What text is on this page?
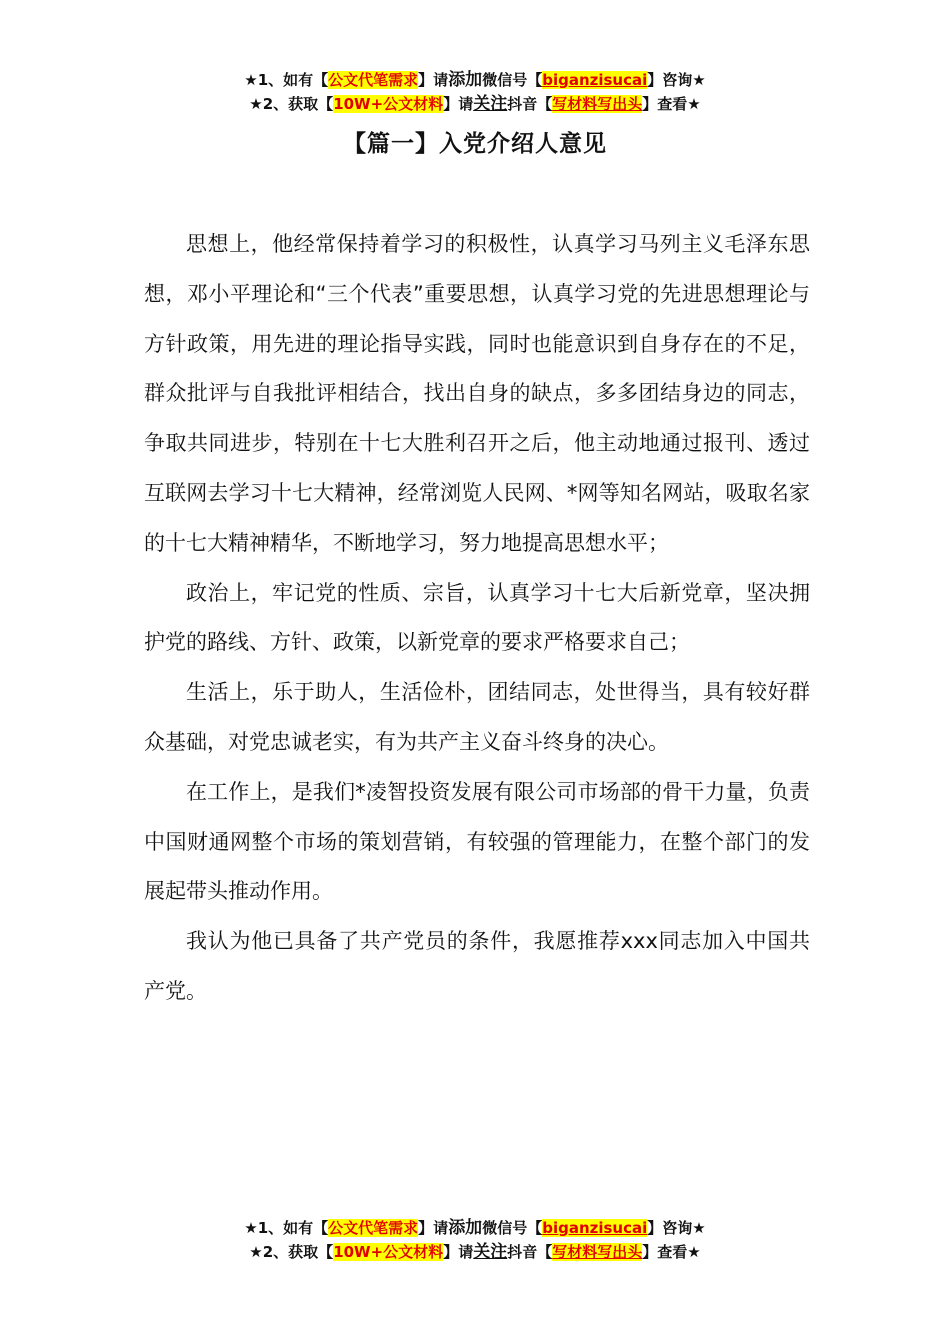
★1、如有【公文代笔需求】请添加微信号【biganzisucai】咨询★
★2、获取【10W+公文材料】请关注抖音【写材料写出头】查看★
【篇一】入党介绍人意见

思想上，他经常保持着学习的积极性，认真学习马列主义毛泽东思想，邓小平理论和“三个代表”重要思想，认真学习党的先进思想理论与方针政策，用先进的理论指导实践，同时也能意识到自身存在的不足，群众批评与自我批评相结合，找出自身的缺点，多多团结身边的同志，争取共同进步，特别在十七大胜利召开之后，他主动地通过报刊、透过互联网去学习十七大精神，经常浏览人民网、*网等知名网站，吸取名家的十七大精神精华，不断地学习，努力地提高思想水平；

政治上，牢记党的性质、宗旨，认真学习十七大后新党章，坚决拥护党的路线、方针、政策，以新党章的要求严格要求自己；

生活上，乐于助人，生活俭朴，团结同志，处世得当，具有较好群众基础，对党忠诚老实，有为共产主义奋斗终身的决心。

在工作上，是我们*凌智投资发展有限公司市场部的骨干力量，负责中国财通网整个市场的策划营销，有较强的管理能力，在整个部门的发展起带头推动作用。

我认为他已具备了共产党员的条件，我愿推荐xxx同志加入中国共产党。

★1、如有【公文代笔需求】请添加微信号【biganzisucai】咨询★
★2、获取【10W+公文材料】请关注抖音【写材料写出头】查看★
